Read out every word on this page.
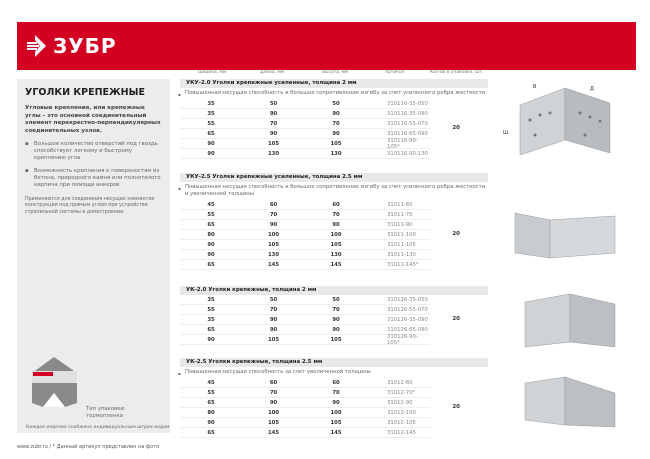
ЗУБР
УГОЛКИ КРЕПЕЖНЫЕ
Угловые крепления, или крепежные углы – это основной соединительный элемент перекрестно-перпендикулярных соединительных узлов.
▪ Большое количество отверстий под гвоздь способствует легкому и быстрому креплению угла
▪ Возможность крепления к поверхностям из бетона, природного камня или полнотелого кирпича при помощи анкеров
Применяются для соединения несущих элементов конструкции под прямым углом при устройстве стропильной системы в домостроении.
Тип упаковки: термопленка
Каждое изделие снабжено индивидуальным штрих-кодом
www.zubr.ru / * Данный артикул представлен на фото
Ширина, мм	Длина, мм	Высота, мм	Артикул	Кол-во в упаковке, шт.
УКУ-2.0 Уголки крепежные усиленные, толщина 2 мм
▪ Повышенная несущая способность и большое сопротивление изгибу за счет усиленного ребра жесткости
35	50	50	310116-35-050
35	90	90	310116-35-090
55	70	70	310116-55-070
65	90	90	310116-65-090
90	105	105	310116-90-105*
90	130	130	310116-90-130
20
УКУ-2.5 Уголки крепежные усиленные, толщина 2.5 мм
▪ Повышенная несущая способность и большое сопротивление изгибу за счет усиленного ребра жесткости и увеличенной толщины
45	60	60	31011-60
55	70	70	31011-70
65	90	90	31011-90
80	100	100	31011-100
90	105	105	31011-105
90	130	130	31011-130
65	145	145	31011-145*
20
УК-2.0 Уголки крепежные, толщина 2 мм
35	50	50	310126-35-050
55	70	70	310126-55-070
35	90	90	310126-35-090
65	90	90	310126-65-090
90	105	105	310126-90-105*
20
УК-2.5 Уголки крепежные, толщина 2.5 мм
▪ Повышенная несущая способность за счет увеличенной толщины
45	60	60	31012-60
55	70	70	31012-70*
65	90	90	31012-90
80	100	100	31012-100
90	105	105	31012-105
65	145	145	31012-145
20
В	Д
Ш
